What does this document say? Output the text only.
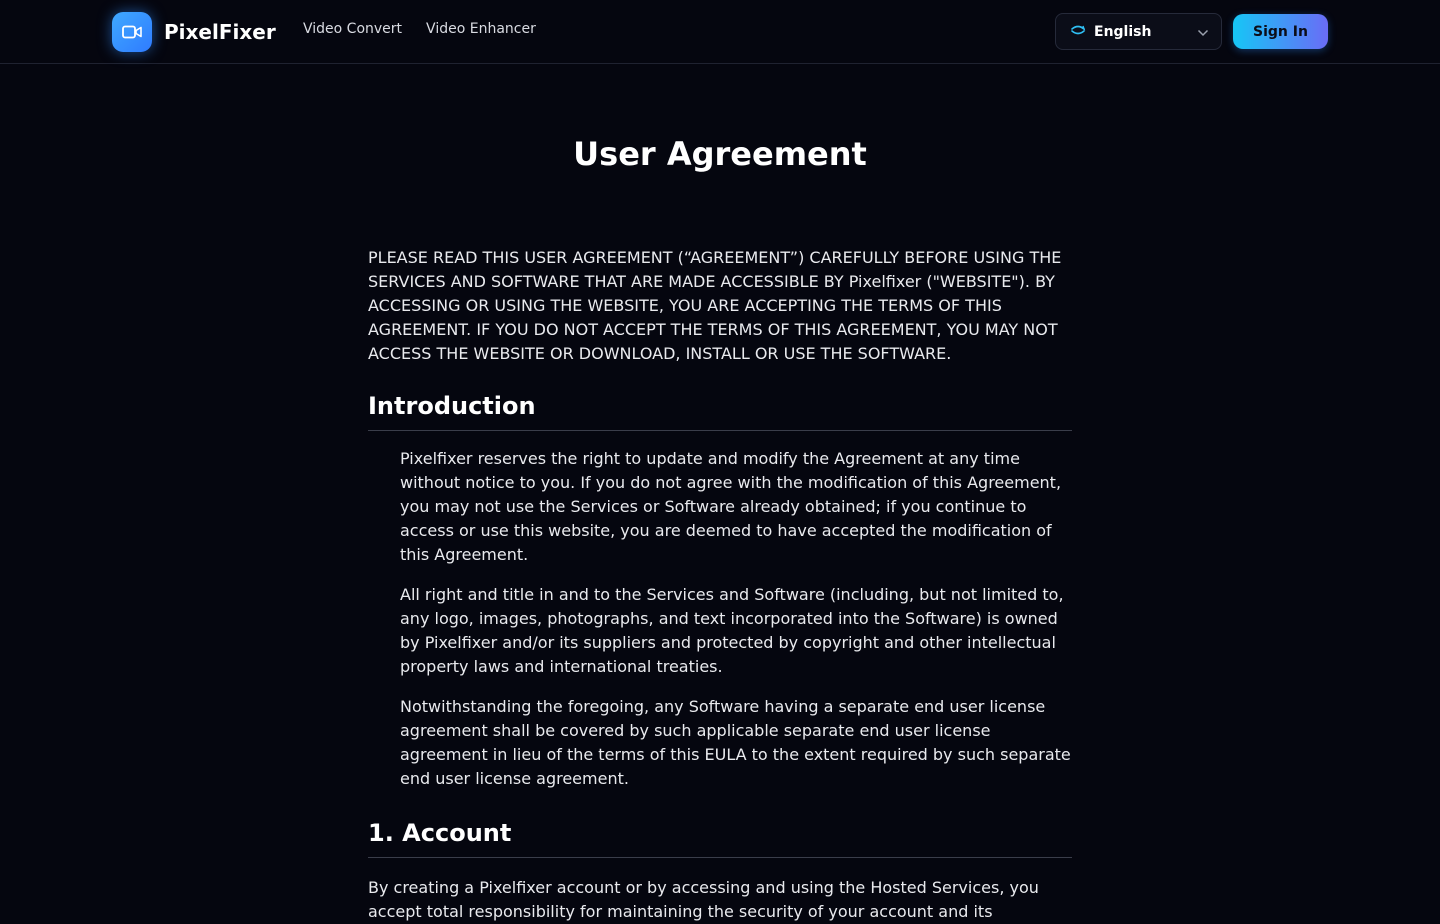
PixelFixer Video Convert Video Enhancer	English	Sign In
User Agreement

PLEASE READ THIS USER AGREEMENT (“AGREEMENT”) CAREFULLY BEFORE USING THE SERVICES AND SOFTWARE THAT ARE MADE ACCESSIBLE BY Pixelfixer ("WEBSITE"). BY ACCESSING OR USING THE WEBSITE, YOU ARE ACCEPTING THE TERMS OF THIS AGREEMENT. IF YOU DO NOT ACCEPT THE TERMS OF THIS AGREEMENT, YOU MAY NOT ACCESS THE WEBSITE OR DOWNLOAD, INSTALL OR USE THE SOFTWARE.

Introduction

Pixelfixer reserves the right to update and modify the Agreement at any time without notice to you. If you do not agree with the modification of this Agreement, you may not use the Services or Software already obtained; if you continue to access or use this website, you are deemed to have accepted the modification of this Agreement.

All right and title in and to the Services and Software (including, but not limited to, any logo, images, photographs, and text incorporated into the Software) is owned by Pixelfixer and/or its suppliers and protected by copyright and other intellectual property laws and international treaties.

Notwithstanding the foregoing, any Software having a separate end user license agreement shall be covered by such applicable separate end user license agreement in lieu of the terms of this EULA to the extent required by such separate end user license agreement.

1. Account

By creating a Pixelfixer account or by accessing and using the Hosted Services, you accept total responsibility for maintaining the security of your account and its
